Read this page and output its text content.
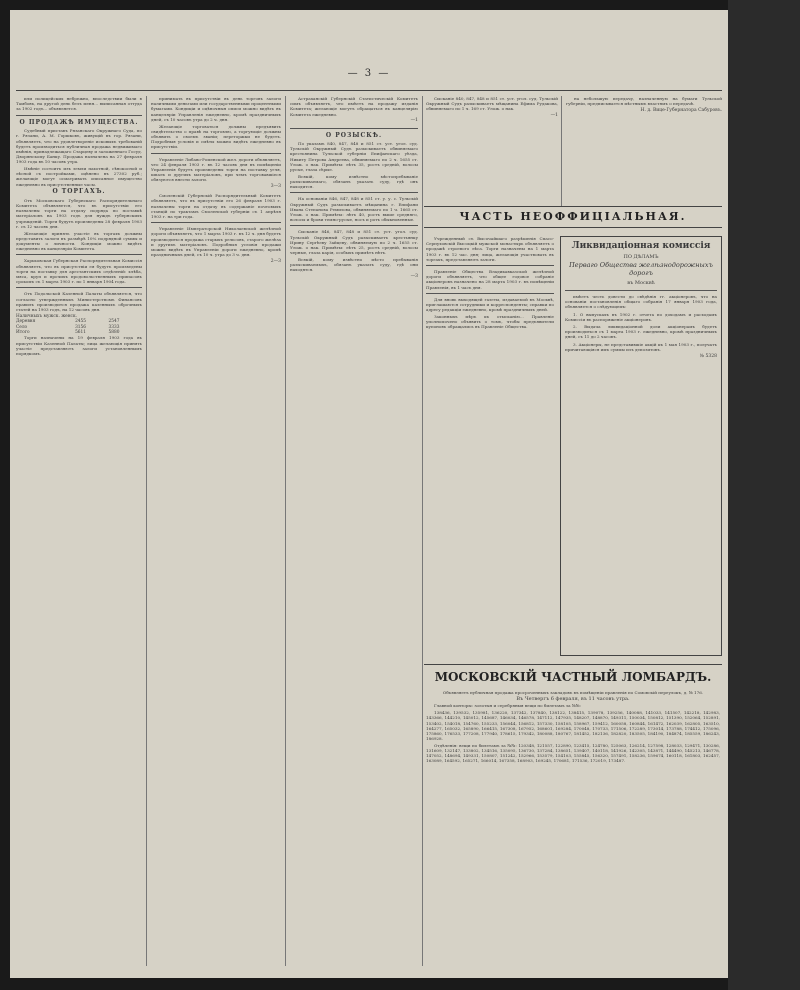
— 3 —

или полицейских небрежно, впоследствии были в Тамбовъ, на другой день безъ меня... выписанная оттуда за 1902 годъ... объявляется.

О ПРОДАЖѢ ИМУЩЕСТВА.

Судебный приставъ Рязанскаго Окружнаго Суда, по г. Рязани, А. М. Горшковъ, живущій въ гор. Рязани, объявляетъ, что на удовлетвореніе исковыхъ требованій будетъ производиться публичная продажа недвижимаго имѣнія, принадлежащаго Старцеву и заложеннаго Госуд. Дворянскому Банку. Продажа назначена на 27 февраля 1903 года въ 10 часовъ утра.

Имѣніе состоитъ изъ земли пахотной, сѣнокосной и лѣсной съ постройками, оцѣнено въ 27302 руб.; желающіе могут осматривать описанное имущество ежедневно въ присутственные часы.

О ТОРГАХЪ.

Отъ Московскаго Губернскаго Распорядительнаго Комитета объявляется, что въ присутствіи его назначены торги на отдачу подряда по поставкѣ матеріаловъ на 1903 годъ для нуждъ губернскихъ учрежденій. Торги будутъ произведены 28 февраля 1903 г. съ 12 часовъ дня.

Желающіе принять участіе въ торгахъ должны представить залоги въ размѣрѣ 10% подрядной суммы и документы о личности. Кондиціи можно видѣть ежедневно въ канцеляріи Комитета.

Харьковская Губернская Распорядительная Комиссія объявляетъ, что въ присутствіи ея будутъ произведены торги на поставку для арестантскихъ отдѣленій: хлѣба, мяса, круп и прочихъ продовольственныхъ припасовъ срокомъ съ 1 марта 1903 г. по 1 января 1904 года.

Отъ Подольской Казенной Палаты объявляется, что согласно утвержденныхъ Министерствомъ Финансовъ правилъ производится продажа казенныхъ оброчныхъ статей на 1903 годъ, на 12 часовъ дня.

Наличныхъ мужск. женск.		
Деревня	2455	2547
Село	3156	3333
Итого	5611	5880

Торги назначены на 19 февраля 1903 года въ присутствіи Казенной Палаты; лица желающія принять участіе представляютъ залоги установленнымъ порядкомъ.

принимать въ присутствіи въ день торговъ залоги наличными деньгами или государственными процентными бумагами. Кондиціи и оцѣночныя описи можно видѣть въ канцеляріи Управленія ежедневно, кромѣ праздничныхъ дней, съ 10 часовъ утра до 2 ч. дня.

Желающіе торговаться должны предъявить свидѣтельство о правѣ на торговлю, а торгующіе должны объявить о своемъ званіи; переторжки не будетъ. Подробныя условія и смѣты можно видѣть ежедневно въ присутствіи.

Управленіе Либаво-Роменской жел. дороги объявляетъ, что 24 февраля 1903 г. въ 12 часовъ дня въ помѣщеніи Управленія будутъ произведены торги на поставку угля, шпалъ и другихъ матеріаловъ, при чемъ торговавшіеся обязуются внести залоги.

3—3

Смоленскій Губернскій Распорядительный Комитетъ объявляетъ, что въ присутствіи его 26 февраля 1903 г. назначены торги на отдачу въ содержаніе почтовыхъ станцій по трактамъ Смоленской губерніи съ 1 апрѣля 1903 г. на три года.

Управленіе Императорской Николаевской желѣзной дороги объявляетъ, что 1 марта 1903 г. въ 12 ч. дня будетъ производиться продажа старыхъ рельсовъ, старого желѣза и другихъ матеріаловъ. Подробныя условія продажи можно видѣть въ Управленіи дороги ежедневно, кромѣ праздничныхъ дней, съ 10 ч. утра до 3 ч. дня.

2—3

Астраханскій Губернскій Статистическій Комитетъ симъ объявляетъ, что имѣетъ на продажу изданія Комитета; желающіе могутъ обращаться въ канцелярію Комитета ежедневно.

—1

О РОЗЫСКѢ.

По указамъ 840, 847, 848 и 851 ст. уст. угол. суд. Тульскій Окружный Судъ разыскиваетъ обвиняемаго крестьянина Тульской губерніи Епифанскаго уѣзда, Никиту Петрова Андреева, обвиняемаго по 2 ч. 1655 ст. Улож. о нак. Примѣты: лѣтъ 35, ростъ средній, волосы русые, глаза сѣрые.

Всякій, кому извѣстно мѣстопребываніе разыскиваемаго, обязанъ указать суду, гдѣ онъ находится.

На основаніи 846, 847, 848 и 851 ст. у. у. с. Тульскій Окружный Судъ разыскиваетъ мѣщанина г. Епифани Ивана Степанова Ремизова, обвиняемаго по 1 ч. 1665 ст. Улож. о нак. Примѣты: лѣтъ 40, ростъ выше средняго, волосы и брови темно-русые, носъ и ротъ обыкновенные.

Сысканіе 846, 847, 848 и 851 ст. уст. угол. суд. Тульскій Окружный Судъ разыскиваетъ крестьянку Ирину Сергѣеву Зайцеву, обвиняемую по 2 ч. 1655 ст. Улож. о нак. Примѣты: лѣтъ 25, ростъ средній, волосы черные, глаза карія, особыхъ примѣтъ нѣтъ.

Всякій, кому извѣстно мѣсто пребыванія разыскиваемыхъ, обязанъ указать суду, гдѣ они находятся.

—3

Сысканіе 840, 847, 848 и 851 ст. уст. угол. суд. Тульскій Окружный Судъ разыскиваетъ мѣщанина Ефима Рудакова, обвиняемаго по 1 ч. 169 ст. Улож. о нак.

—1

на небольшую передачу, назначенную на бумаги Тульской губерніи, предписывается мѣстнымъ властямъ о передачѣ.

Н. д. Вице-Губернатора Сабуровъ.
ЧАСТЬ НЕОФФИЦІАЛЬНАЯ.

Учрежденный съ Высочайшаго разрѣшенія Спасо-Серпуховскій Высоцкій мужской монастырь объявляетъ о продажѣ строевого лѣса. Торги назначены на 1 марта 1903 г. въ 12 час. дня; лица, желающія участвовать въ торгахъ, представляютъ залоги.

Правленіе Общества Владикавказской желѣзной дороги объявляетъ, что общее годовое собраніе акціонеровъ назначено на 28 марта 1903 г. въ помѣщеніи Правленія, въ 1 часъ дня.

Для вновь выходящей газеты, издаваемой въ Москвѣ, приглашаются сотрудники и корреспонденты; справки по адресу редакціи ежедневно, кромѣ праздничныхъ дней.

Законныхъ мѣръ къ отысканію... Правленіе уполномочено объявить о томъ, чтобы предъявители купоновъ обращались въ Правленіе Общества.

Ликвидаціонная комиссія
ПО ДѢЛАМЪ
Перваго Общества желѣзнодорожныхъ дорогъ
въ Москвѣ

имѣетъ честь довести до свѣдѣнія гг. акціонеровъ, что на основаніи постановленія общаго собранія 17 января 1903 года, объявляется о слѣдующемъ:

1. О выпускахъ въ 1902 г. отчета по доходамъ и расходамъ Комиссіи въ распоряженіе акціонеровъ.

2. Выдача ликвидаціонной доли акціонерамъ будетъ производиться съ 1 марта 1903 г. ежедневно, кромѣ праздничныхъ дней, съ 11 до 2 часовъ.

3. Акціонеры, не представившіе акцій къ 1 мая 1903 г., получатъ причитающіяся имъ суммы изъ депозитовъ.

№ 5328
МОСКОВСКІЙ ЧАСТНЫЙ ЛОМБАРДЪ.

Объявляетъ публичная продажа просроченныхъ закладовъ въ помѣщеніи правленія по Сомовскій переулокъ, д. № 176.

Въ Четвергъ 6 февраля, въ 11 часовъ утра.

Главной конторы: золотыя и серебряныя вещи по билетамъ за №№:

138436, 139532, 135981, 136220, 137342, 137840, 138122, 138415, 139078, 139256, 140088, 141033, 141507, 142218, 142983, 143366, 144210, 145012, 145687, 146034, 146578, 147112, 147935, 148207, 148870, 149311, 150034, 150812, 151390, 152064, 152891, 153402, 154018, 154760, 155233, 156044, 156812, 157330, 158105, 158967, 159412, 160058, 160844, 161472, 162039, 162805, 163510, 164277, 165032, 165890, 166415, 167308, 167952, 168601, 169284, 170048, 170733, 171506, 172289, 173014, 173788, 174412, 175096, 175860, 176533, 177208, 177940, 178615, 179342, 180088, 180767, 181452, 182136, 182820, 183505, 184190, 184874, 185559, 186243, 186928.

Отдѣленія: вещи по билетамъ за №№: 120348, 121557, 122890, 123415, 124780, 125063, 126214, 127598, 128033, 129471, 130286, 131609, 132147, 133802, 134516, 135095, 136730, 137284, 138651, 139407, 140118, 141926, 142305, 143871, 144490, 145213, 146778, 147052, 148694, 149331, 150807, 151242, 152966, 153579, 154103, 155845, 156320, 157491, 158236, 159674, 160118, 161803, 162457, 163089, 164592, 165271, 166014, 167358, 168903, 169245, 170681, 171536, 172019, 173487.
